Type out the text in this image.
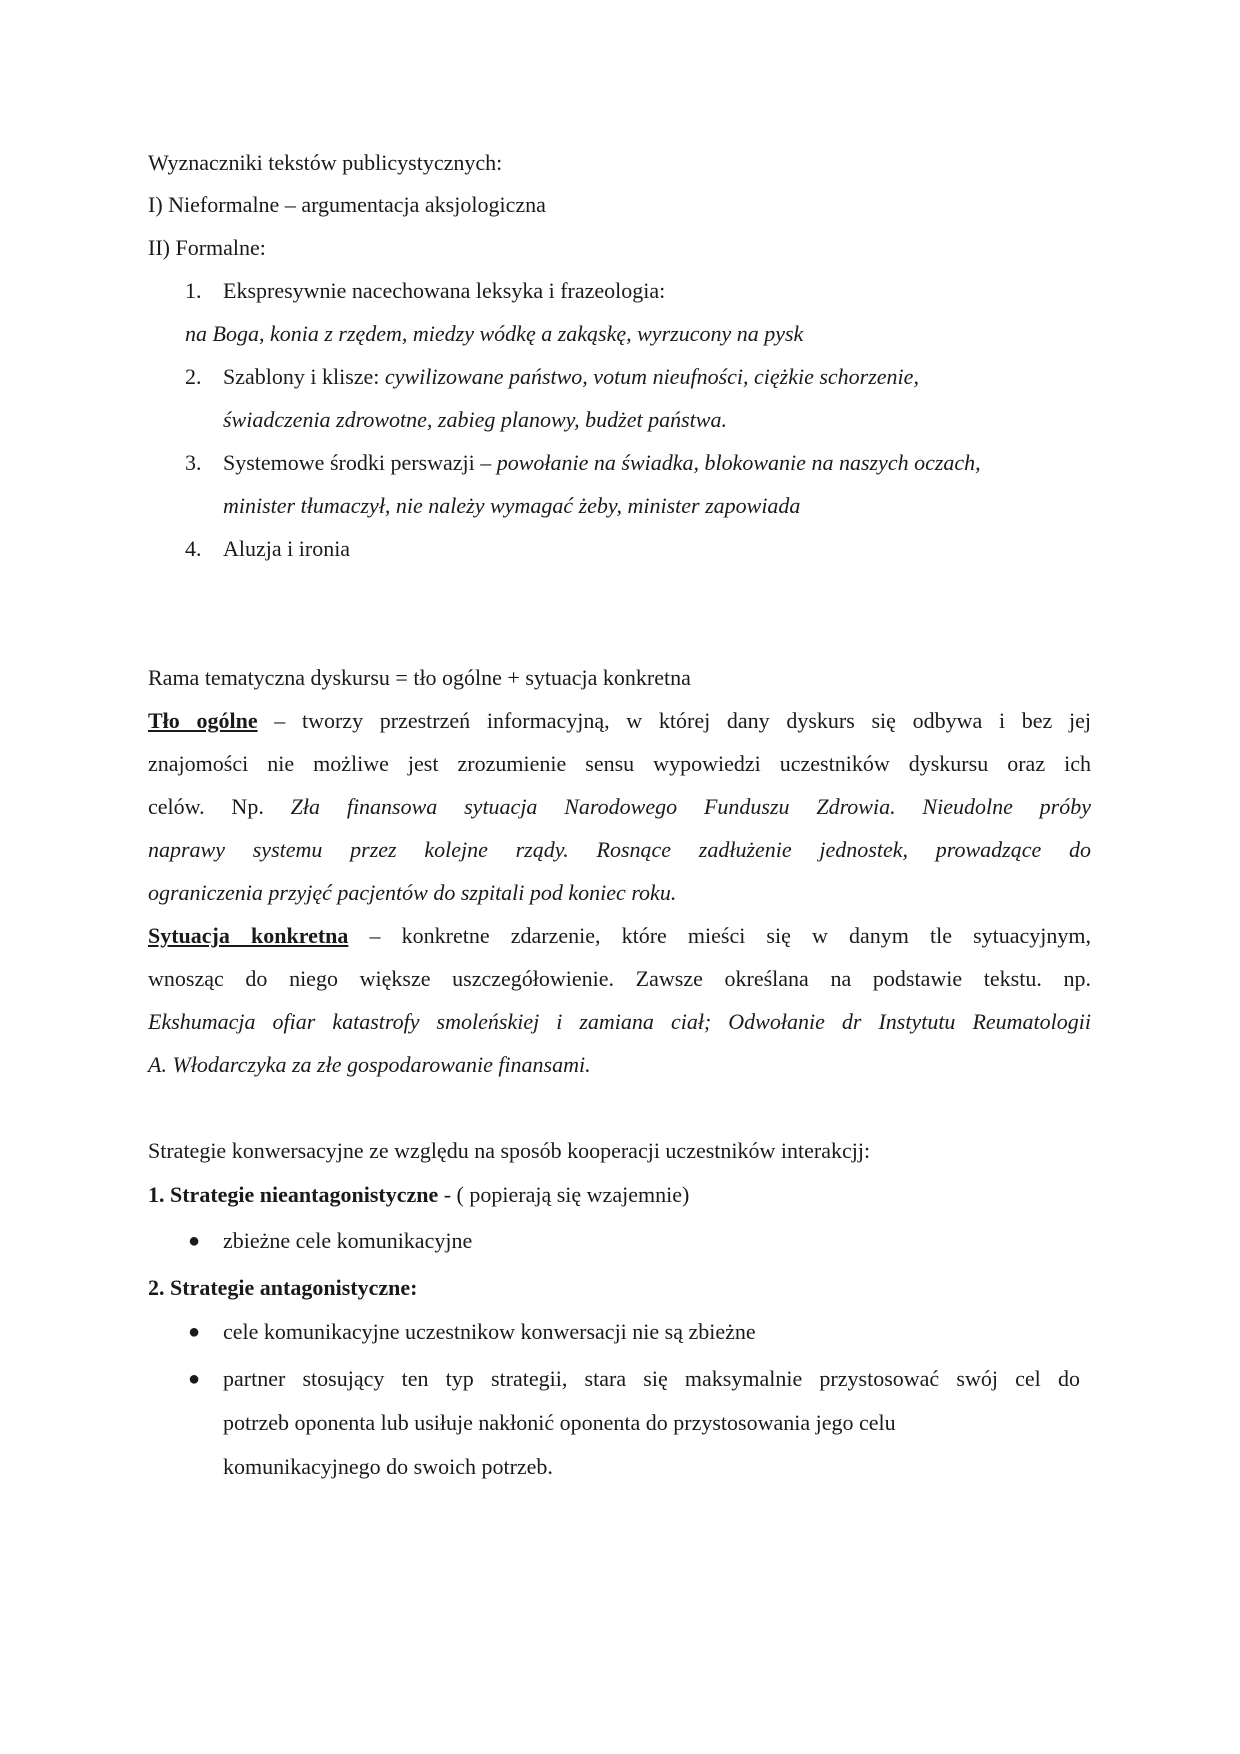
Wyznaczniki tekstów publicystycznych:
I) Nieformalne – argumentacja aksjologiczna
II) Formalne:
1. Ekspresywnie nacechowana leksyka i frazeologia:
na Boga, konia z rzędem, miedzy wódkę a zakąskę, wyrzucony na pysk
2. Szablony i klisze: cywilizowane państwo, votum nieufności, ciężkie schorzenie,
świadczenia zdrowotne, zabieg planowy, budżet państwa.
3. Systemowe środki perswazji – powołanie na świadka, blokowanie na naszych oczach,
minister tłumaczył, nie należy wymagać żeby, minister zapowiada
4. Aluzja i ironia
Rama tematyczna dyskursu = tło ogólne + sytuacja konkretna
Tło ogólne – tworzy przestrzeń informacyjną, w której dany dyskurs się odbywa i bez jej
znajomości nie możliwe jest zrozumienie sensu wypowiedzi uczestników dyskursu oraz ich
celów. Np. Zła finansowa sytuacja Narodowego Funduszu Zdrowia. Nieudolne próby
naprawy systemu przez kolejne rządy. Rosnące zadłużenie jednostek, prowadzące do
ograniczenia przyjęć pacjentów do szpitali pod koniec roku.
Sytuacja konkretna – konkretne zdarzenie, które mieści się w danym tle sytuacyjnym,
wnosząc do niego większe uszczegółowienie. Zawsze określana na podstawie tekstu. np.
Ekshumacja ofiar katastrofy smoleńskiej i zamiana ciał; Odwołanie dr Instytutu Reumatologii
A. Włodarczyka za złe gospodarowanie finansami.
Strategie konwersacyjne ze względu na sposób kooperacji uczestników interakcjj:
1. Strategie nieantagonistyczne - ( popierają się wzajemnie)
● zbieżne cele komunikacyjne
2. Strategie antagonistyczne:
● cele komunikacyjne uczestnikow konwersacji nie są zbieżne
● partner stosujący ten typ strategii, stara się maksymalnie przystosować swój cel do
potrzeb oponenta lub usiłuje nakłonić oponenta do przystosowania jego celu
komunikacyjnego do swoich potrzeb.
